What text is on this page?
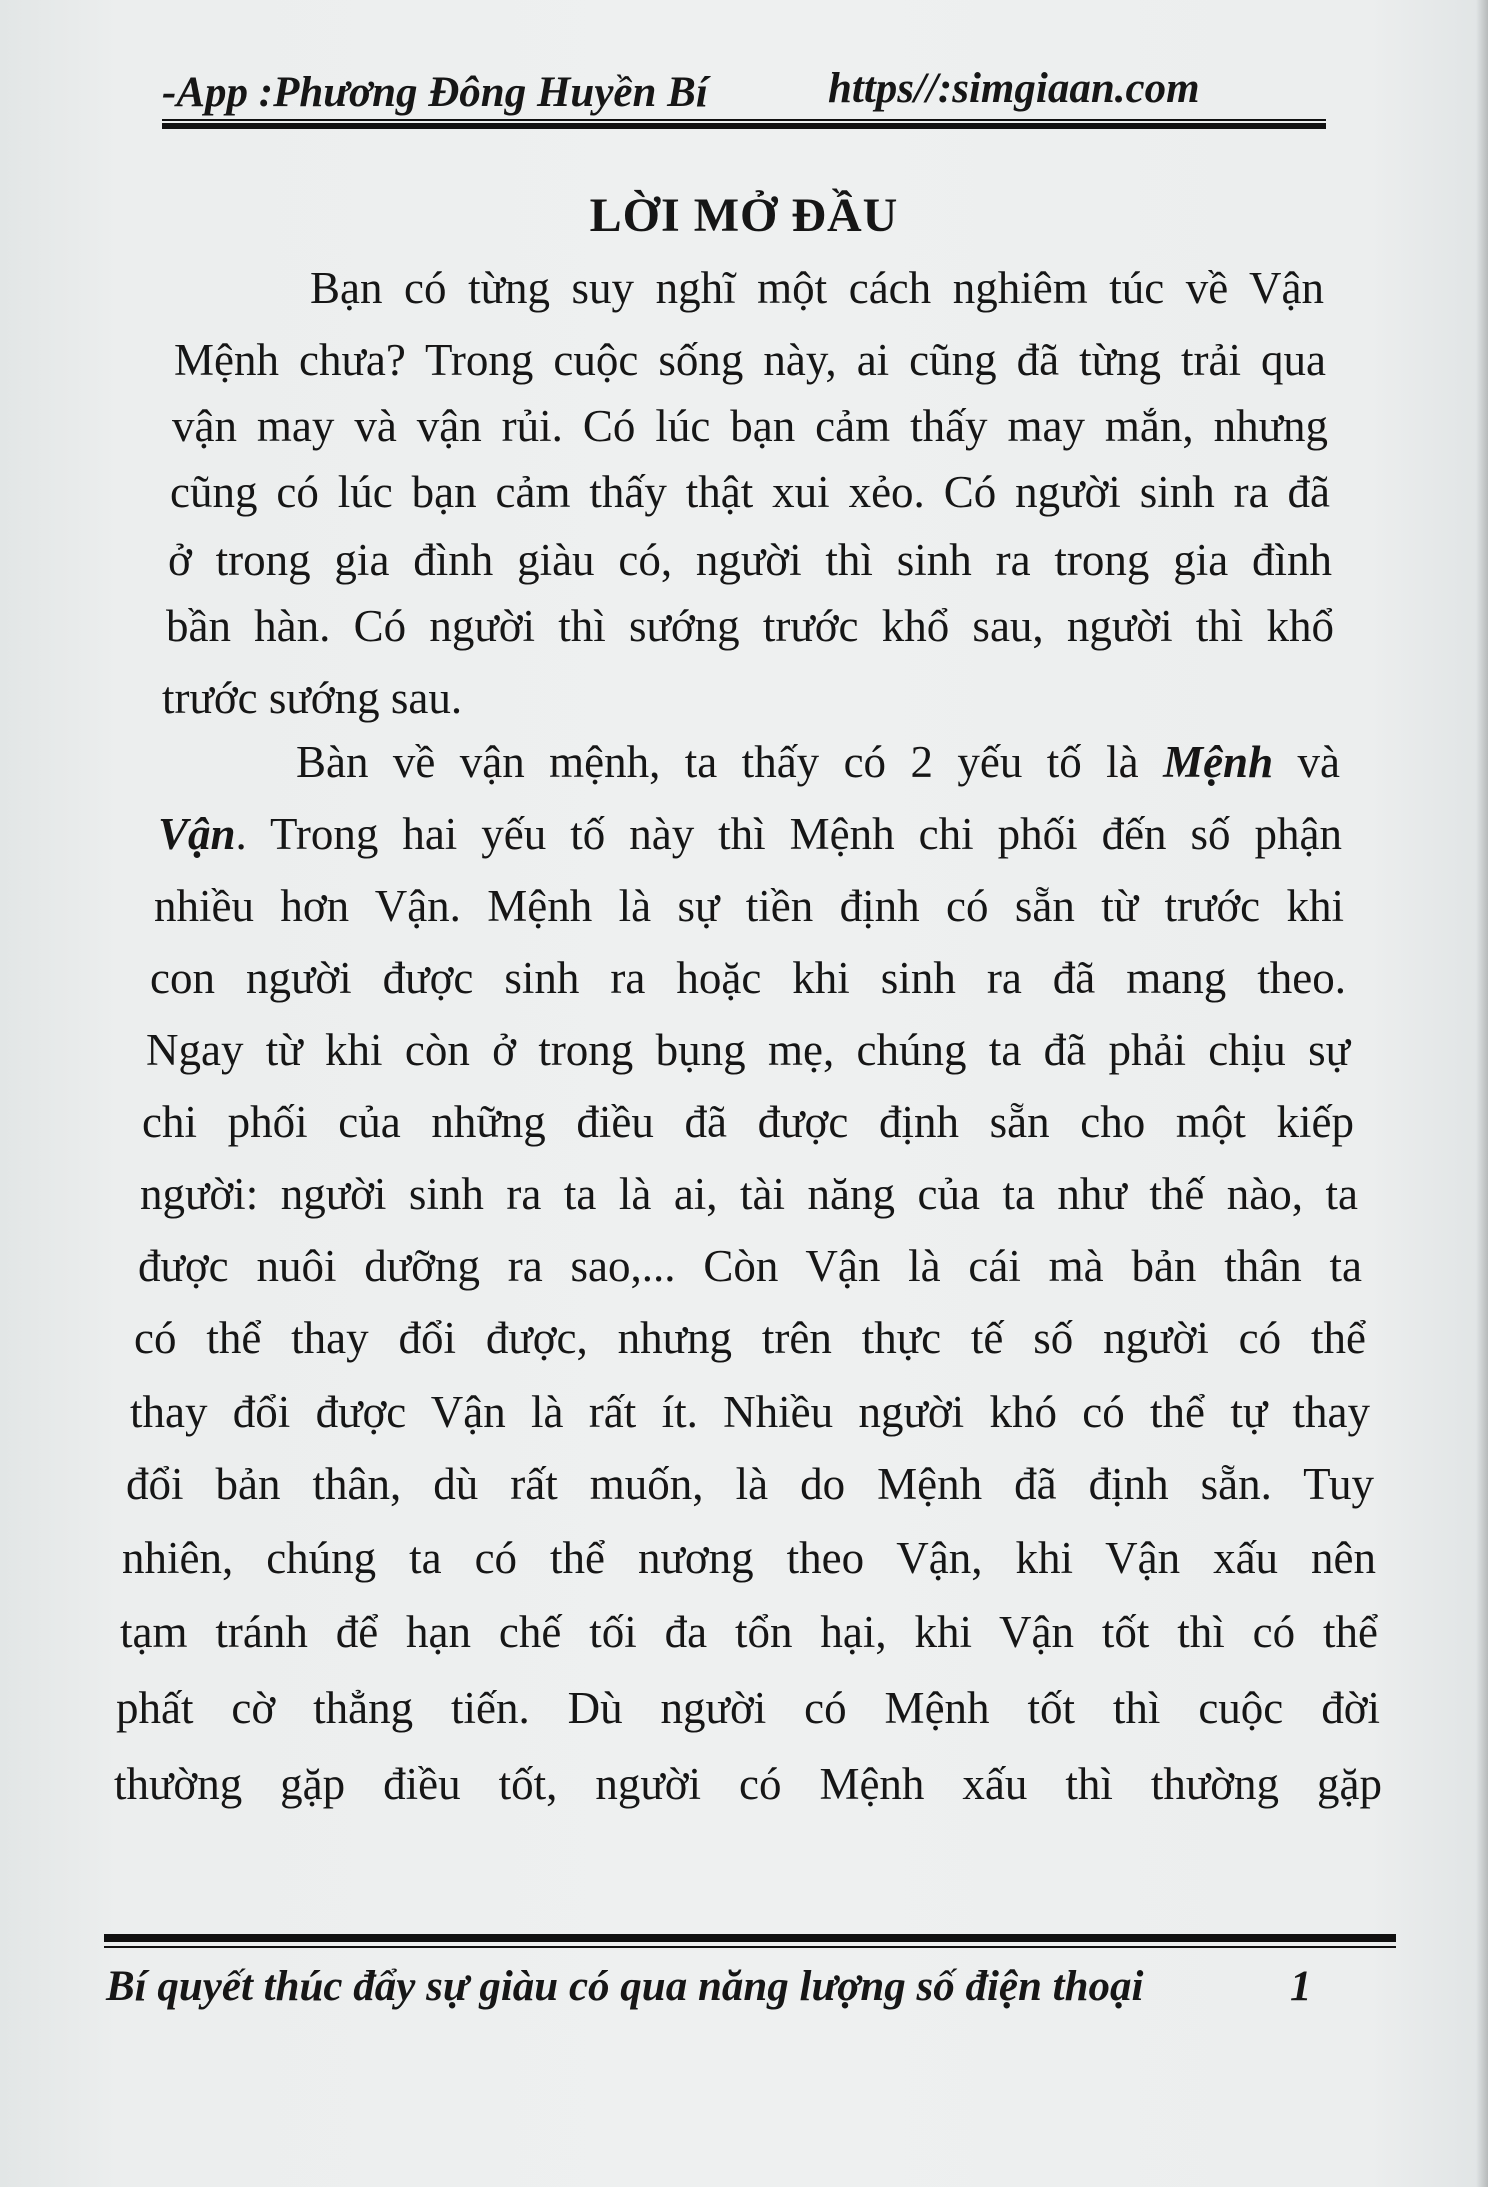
-App :Phương Đông Huyền Bí	https//:simgiaan.com
LỜI MỞ ĐẦU
Bạn có từng suy nghĩ một cách nghiêm túc về Vận
Mệnh chưa? Trong cuộc sống này, ai cũng đã từng trải qua
vận may và vận rủi. Có lúc bạn cảm thấy may mắn, nhưng
cũng có lúc bạn cảm thấy thật xui xẻo. Có người sinh ra đã
ở trong gia đình giàu có, người thì sinh ra trong gia đình
bần hàn. Có người thì sướng trước khổ sau, người thì khổ
trước sướng sau.
Bàn về vận mệnh, ta thấy có 2 yếu tố là Mệnh và
Vận. Trong hai yếu tố này thì Mệnh chi phối đến số phận
nhiều hơn Vận. Mệnh là sự tiền định có sẵn từ trước khi
con người được sinh ra hoặc khi sinh ra đã mang theo.
Ngay từ khi còn ở trong bụng mẹ, chúng ta đã phải chịu sự
chi phối của những điều đã được định sẵn cho một kiếp
người: người sinh ra ta là ai, tài năng của ta như thế nào, ta
được nuôi dưỡng ra sao,... Còn Vận là cái mà bản thân ta
có thể thay đổi được, nhưng trên thực tế số người có thể
thay đổi được Vận là rất ít. Nhiều người khó có thể tự thay
đổi bản thân, dù rất muốn, là do Mệnh đã định sẵn. Tuy
nhiên, chúng ta có thể nương theo Vận, khi Vận xấu nên
tạm tránh để hạn chế tối đa tổn hại, khi Vận tốt thì có thể
phất cờ thẳng tiến. Dù người có Mệnh tốt thì cuộc đời
thường gặp điều tốt, người có Mệnh xấu thì thường gặp
Bí quyết thúc đẩy sự giàu có qua năng lượng số điện thoại	1
